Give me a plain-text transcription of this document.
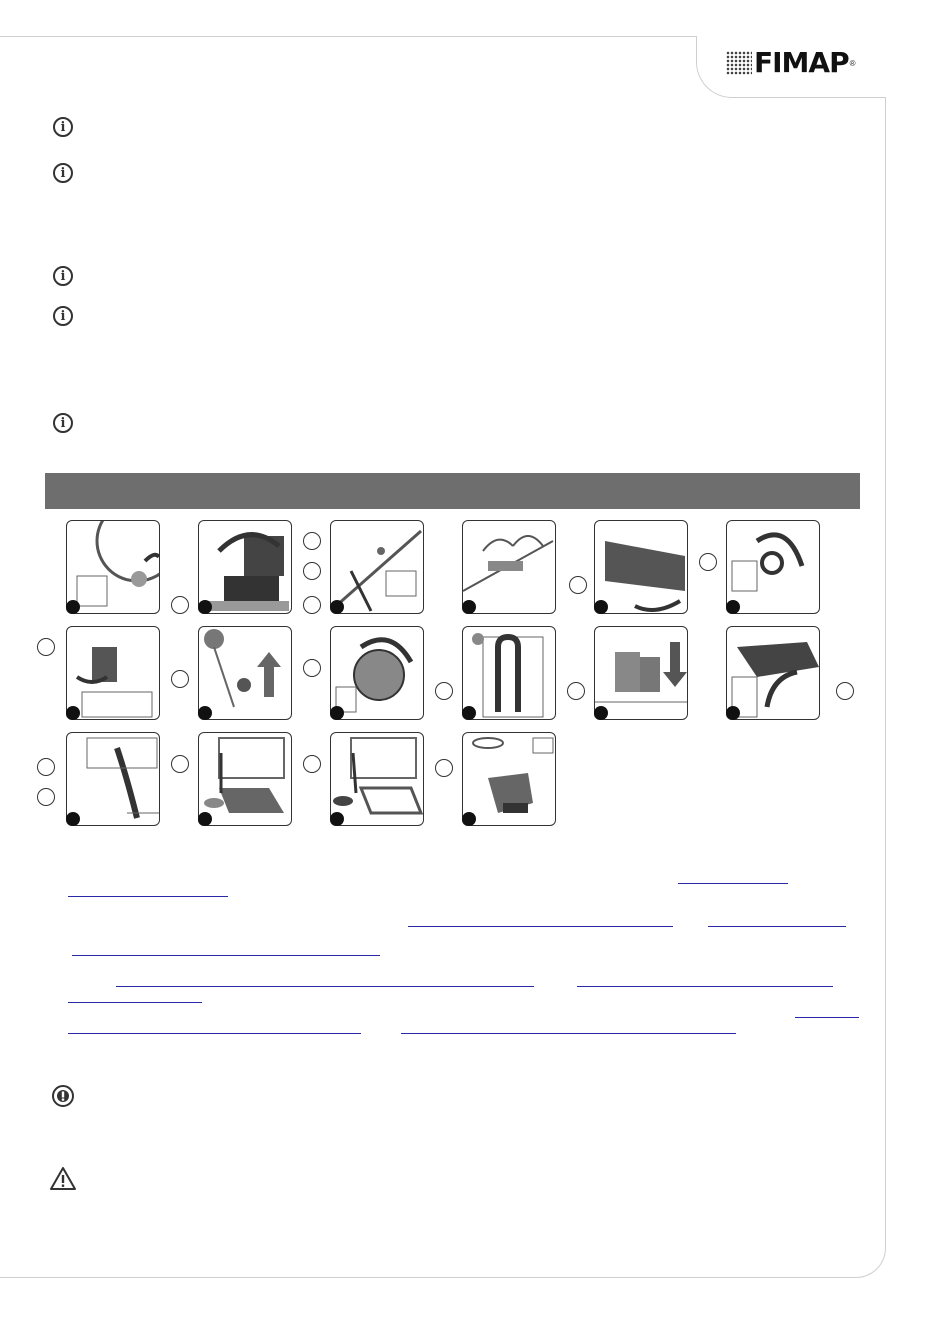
FIMAP ®
i
i
i
i
i
